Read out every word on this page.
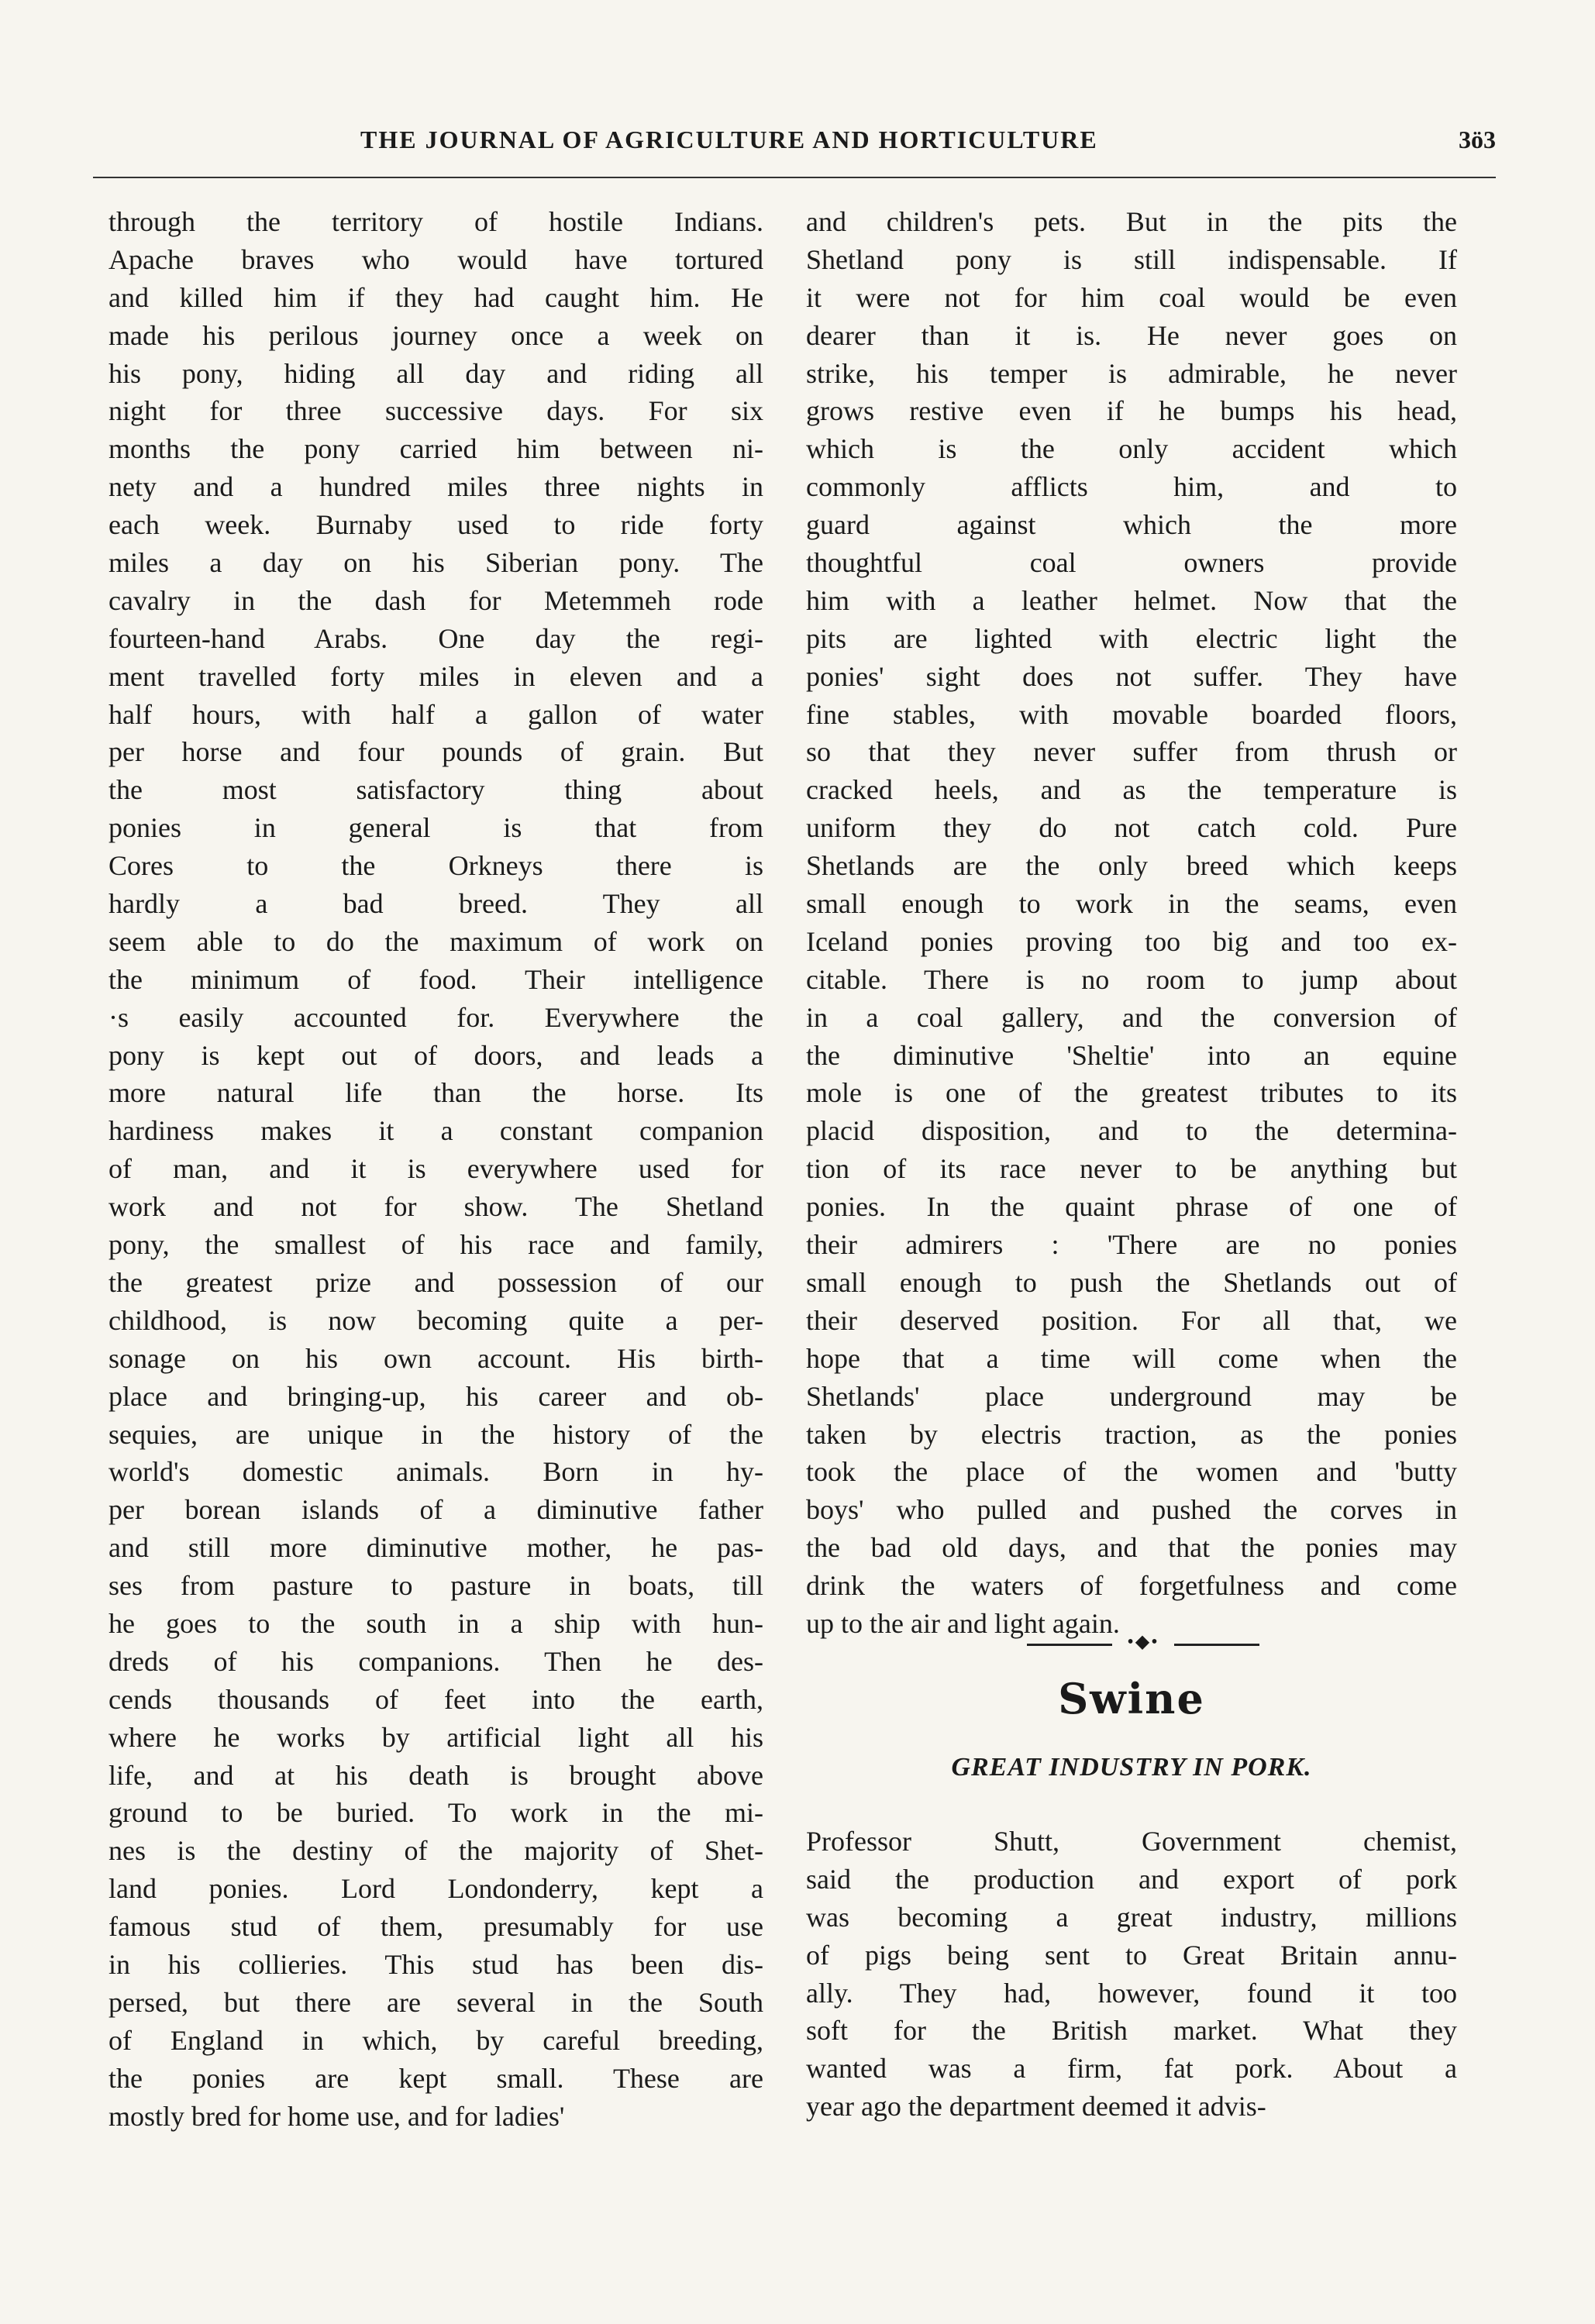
THE JOURNAL OF AGRICULTURE AND HORTICULTURE	3ö3
through the territory of hostile Indians.
Apache braves who would have tortured
and killed him if they had caught him. He
made his perilous journey once a week on
his pony, hiding all day and riding all
night for three successive days. For six
months the pony carried him between ni-
nety and a hundred miles three nights in
each week. Burnaby used to ride forty
miles a day on his Siberian pony. The
cavalry in the dash for Metemmeh rode
fourteen-hand Arabs. One day the regi-
ment travelled forty miles in eleven and a
half hours, with half a gallon of water
per horse and four pounds of grain. But
the most satisfactory thing about
ponies in general is that from
Cores to the Orkneys there is
hardly a bad breed. They all
seem able to do the maximum of work on
the minimum of food. Their intelligence
·s easily accounted for. Everywhere the
pony is kept out of doors, and leads a
more natural life than the horse. Its
hardiness makes it a constant companion
of man, and it is everywhere used for
work and not for show. The Shetland
pony, the smallest of his race and family,
the greatest prize and possession of our
childhood, is now becoming quite a per-
sonage on his own account. His birth-
place and bringing-up, his career and ob-
sequies, are unique in the history of the
world's domestic animals. Born in hy-
per borean islands of a diminutive father
and still more diminutive mother, he pas-
ses from pasture to pasture in boats, till
he goes to the south in a ship with hun-
dreds of his companions. Then he des-
cends thousands of feet into the earth,
where he works by artificial light all his
life, and at his death is brought above
ground to be buried. To work in the mi-
nes is the destiny of the majority of Shet-
land ponies. Lord Londonderry, kept a
famous stud of them, presumably for use
in his collieries. This stud has been dis-
persed, but there are several in the South
of England in which, by careful breeding,
the ponies are kept small. These are
mostly bred for home use, and for ladies'
and children's pets. But in the pits the
Shetland pony is still indispensable. If
it were not for him coal would be even
dearer than it is. He never goes on
strike, his temper is admirable, he never
grows restive even if he bumps his head,
which is the only accident which
commonly afflicts him, and to
guard against which the more
thoughtful coal owners provide
him with a leather helmet. Now that the
pits are lighted with electric light the
ponies' sight does not suffer. They have
fine stables, with movable boarded floors,
so that they never suffer from thrush or
cracked heels, and as the temperature is
uniform they do not catch cold. Pure
Shetlands are the only breed which keeps
small enough to work in the seams, even
Iceland ponies proving too big and too ex-
citable. There is no room to jump about
in a coal gallery, and the conversion of
the diminutive 'Sheltie' into an equine
mole is one of the greatest tributes to its
placid disposition, and to the determina-
tion of its race never to be anything but
ponies. In the quaint phrase of one of
their admirers : 'There are no ponies
small enough to push the Shetlands out of
their deserved position. For all that, we
hope that a time will come when the
Shetlands' place underground may be
taken by electris traction, as the ponies
took the place of the women and 'butty
boys' who pulled and pushed the corves in
the bad old days, and that the ponies may
drink the waters of forgetfulness and come
up to the air and light again.
•◆•
Swine
GREAT INDUSTRY IN PORK.
Professor Shutt, Government chemist,
said the production and export of pork
was becoming a great industry, millions
of pigs being sent to Great Britain annu-
ally. They had, however, found it too
soft for the British market. What they
wanted was a firm, fat pork. About a
year ago the department deemed it advis-
